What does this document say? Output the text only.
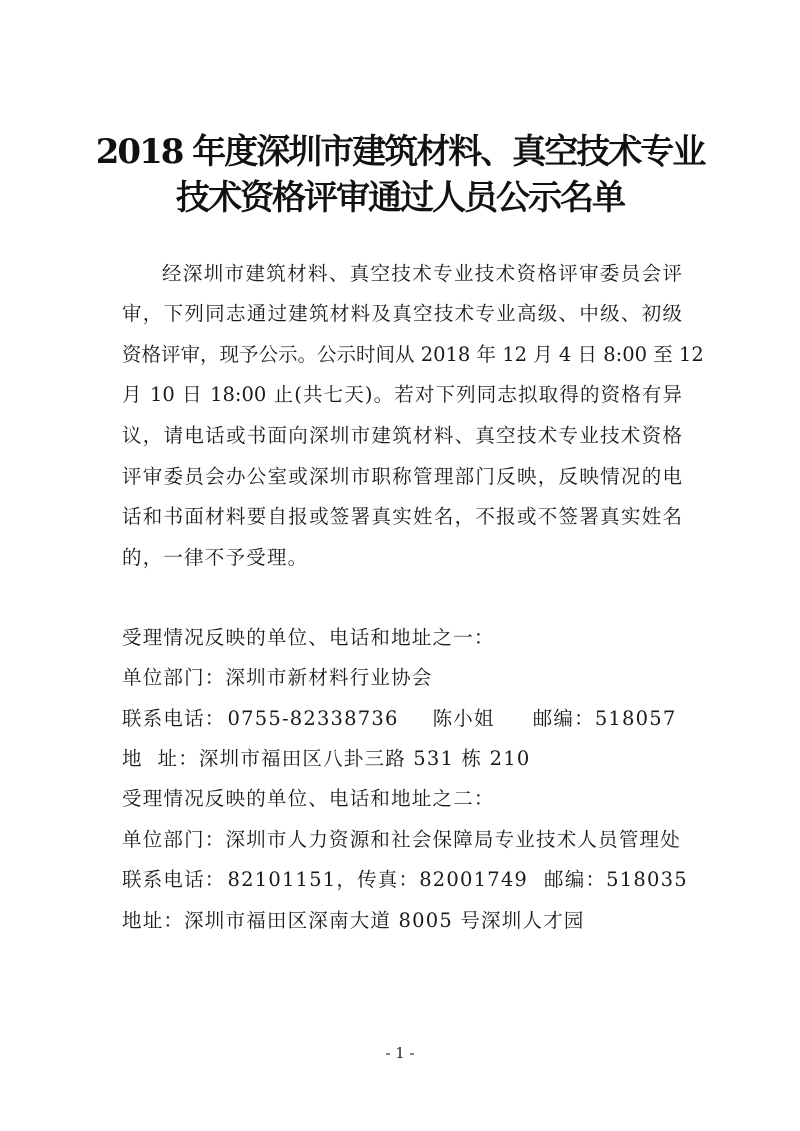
2018 年度深圳市建筑材料、真空技术专业
技术资格评审通过人员公示名单
经深圳市建筑材料、真空技术专业技术资格评审委员会评
审，下列同志通过建筑材料及真空技术专业高级、中级、初级
资格评审，现予公示。公示时间从 2018 年 12 月 4 日 8:00 至 12
月 10 日 18:00 止(共七天)。若对下列同志拟取得的资格有异
议，请电话或书面向深圳市建筑材料、真空技术专业技术资格
评审委员会办公室或深圳市职称管理部门反映，反映情况的电
话和书面材料要自报或签署真实姓名，不报或不签署真实姓名
的，一律不予受理。
受理情况反映的单位、电话和地址之一：
单位部门：深圳市新材料行业协会
联系电话： 0755-82338736 陈小姐 邮编：518057
地  址：深圳市福田区八卦三路 531 栋 210
受理情况反映的单位、电话和地址之二：
单位部门：深圳市人力资源和社会保障局专业技术人员管理处
联系电话： 82101151，传真：82001749 邮编：518035
地址：深圳市福田区深南大道 8005 号深圳人才园
- 1 -
